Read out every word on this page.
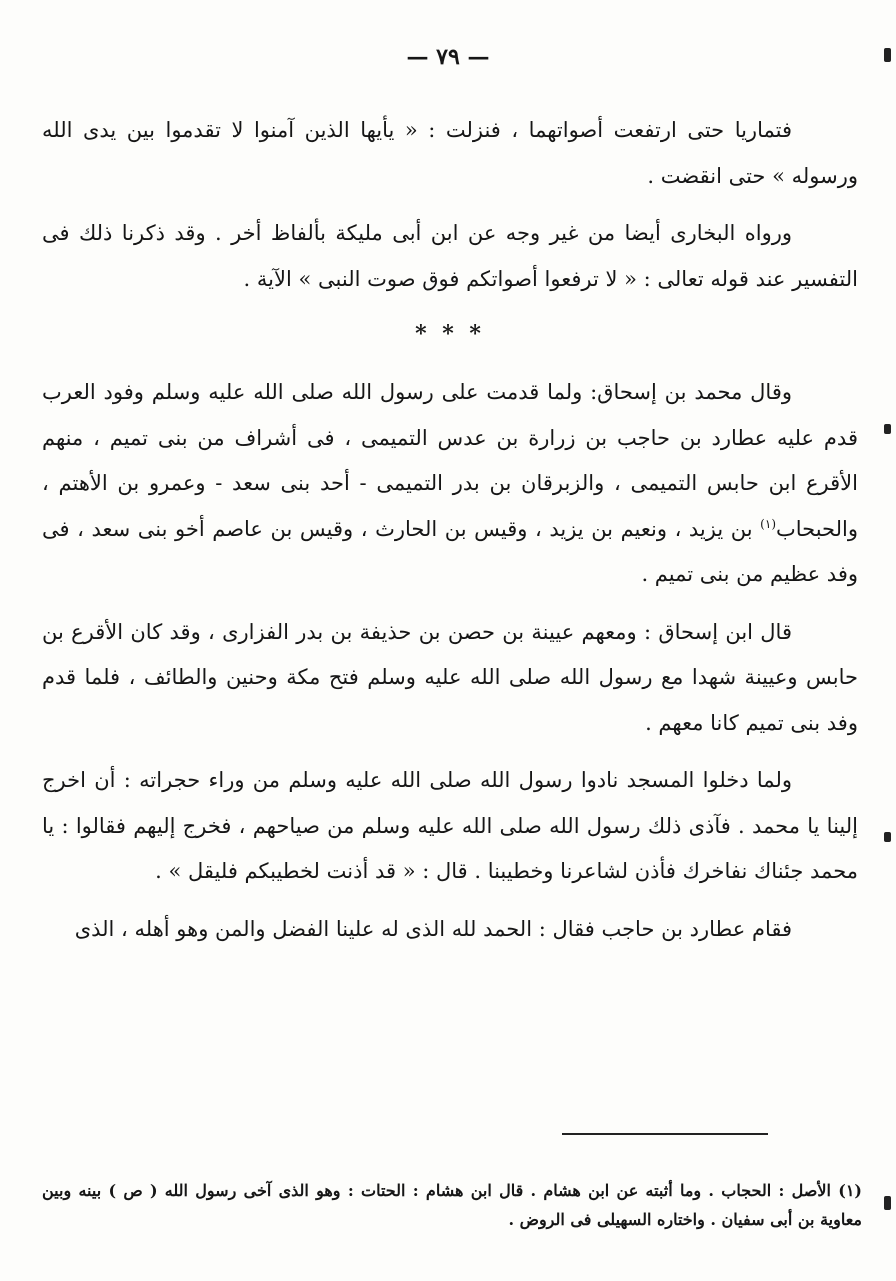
— ٧٩ —

فتماريا حتى ارتفعت أصواتهما ، فنزلت : « يأيها الذين آمنوا لا تقدموا بين يدى الله ورسوله » حتى انقضت .

ورواه البخارى أيضا من غير وجه عن ابن أبى مليكة بألفاظ أخر . وقد ذكرنا ذلك فى التفسير عند قوله تعالى : « لا ترفعوا أصواتكم فوق صوت النبى » الآية .

* * *

وقال محمد بن إسحاق: ولما قدمت على رسول الله صلى الله عليه وسلم وفود العرب قدم عليه عطارد بن حاجب بن زرارة بن عدس التميمى ، فى أشراف من بنى تميم ، منهم الأقرع ابن حابس التميمى ، والزبرقان بن بدر التميمى - أحد بنى سعد - وعمرو بن الأهتم ، والحبحاب$^{(١)}$ بن يزيد ، ونعيم بن يزيد ، وقيس بن الحارث ، وقيس بن عاصم أخو بنى سعد ، فى وفد عظيم من بنى تميم .

قال ابن إسحاق : ومعهم عيينة بن حصن بن حذيفة بن بدر الفزارى ، وقد كان الأقرع بن حابس وعيينة شهدا مع رسول الله صلى الله عليه وسلم فتح مكة وحنين والطائف ، فلما قدم وفد بنى تميم كانا معهم .

ولما دخلوا المسجد نادوا رسول الله صلى الله عليه وسلم من وراء حجراته : أن اخرج إلينا يا محمد . فآذى ذلك رسول الله صلى الله عليه وسلم من صياحهم ، فخرج إليهم فقالوا : يا محمد جئناك نفاخرك فأذن لشاعرنا وخطيبنا . قال : « قد أذنت لخطيبكم فليقل » .

فقام عطارد بن حاجب فقال : الحمد لله الذى له علينا الفضل والمن وهو أهله ، الذى

(١) الأصل : الحجاب . وما أثبته عن ابن هشام . قال ابن هشام : الحتات : وهو الذى آخى رسول الله ( ص ) بينه وبين معاوية بن أبى سفيان . واختاره السهيلى فى الروض .
